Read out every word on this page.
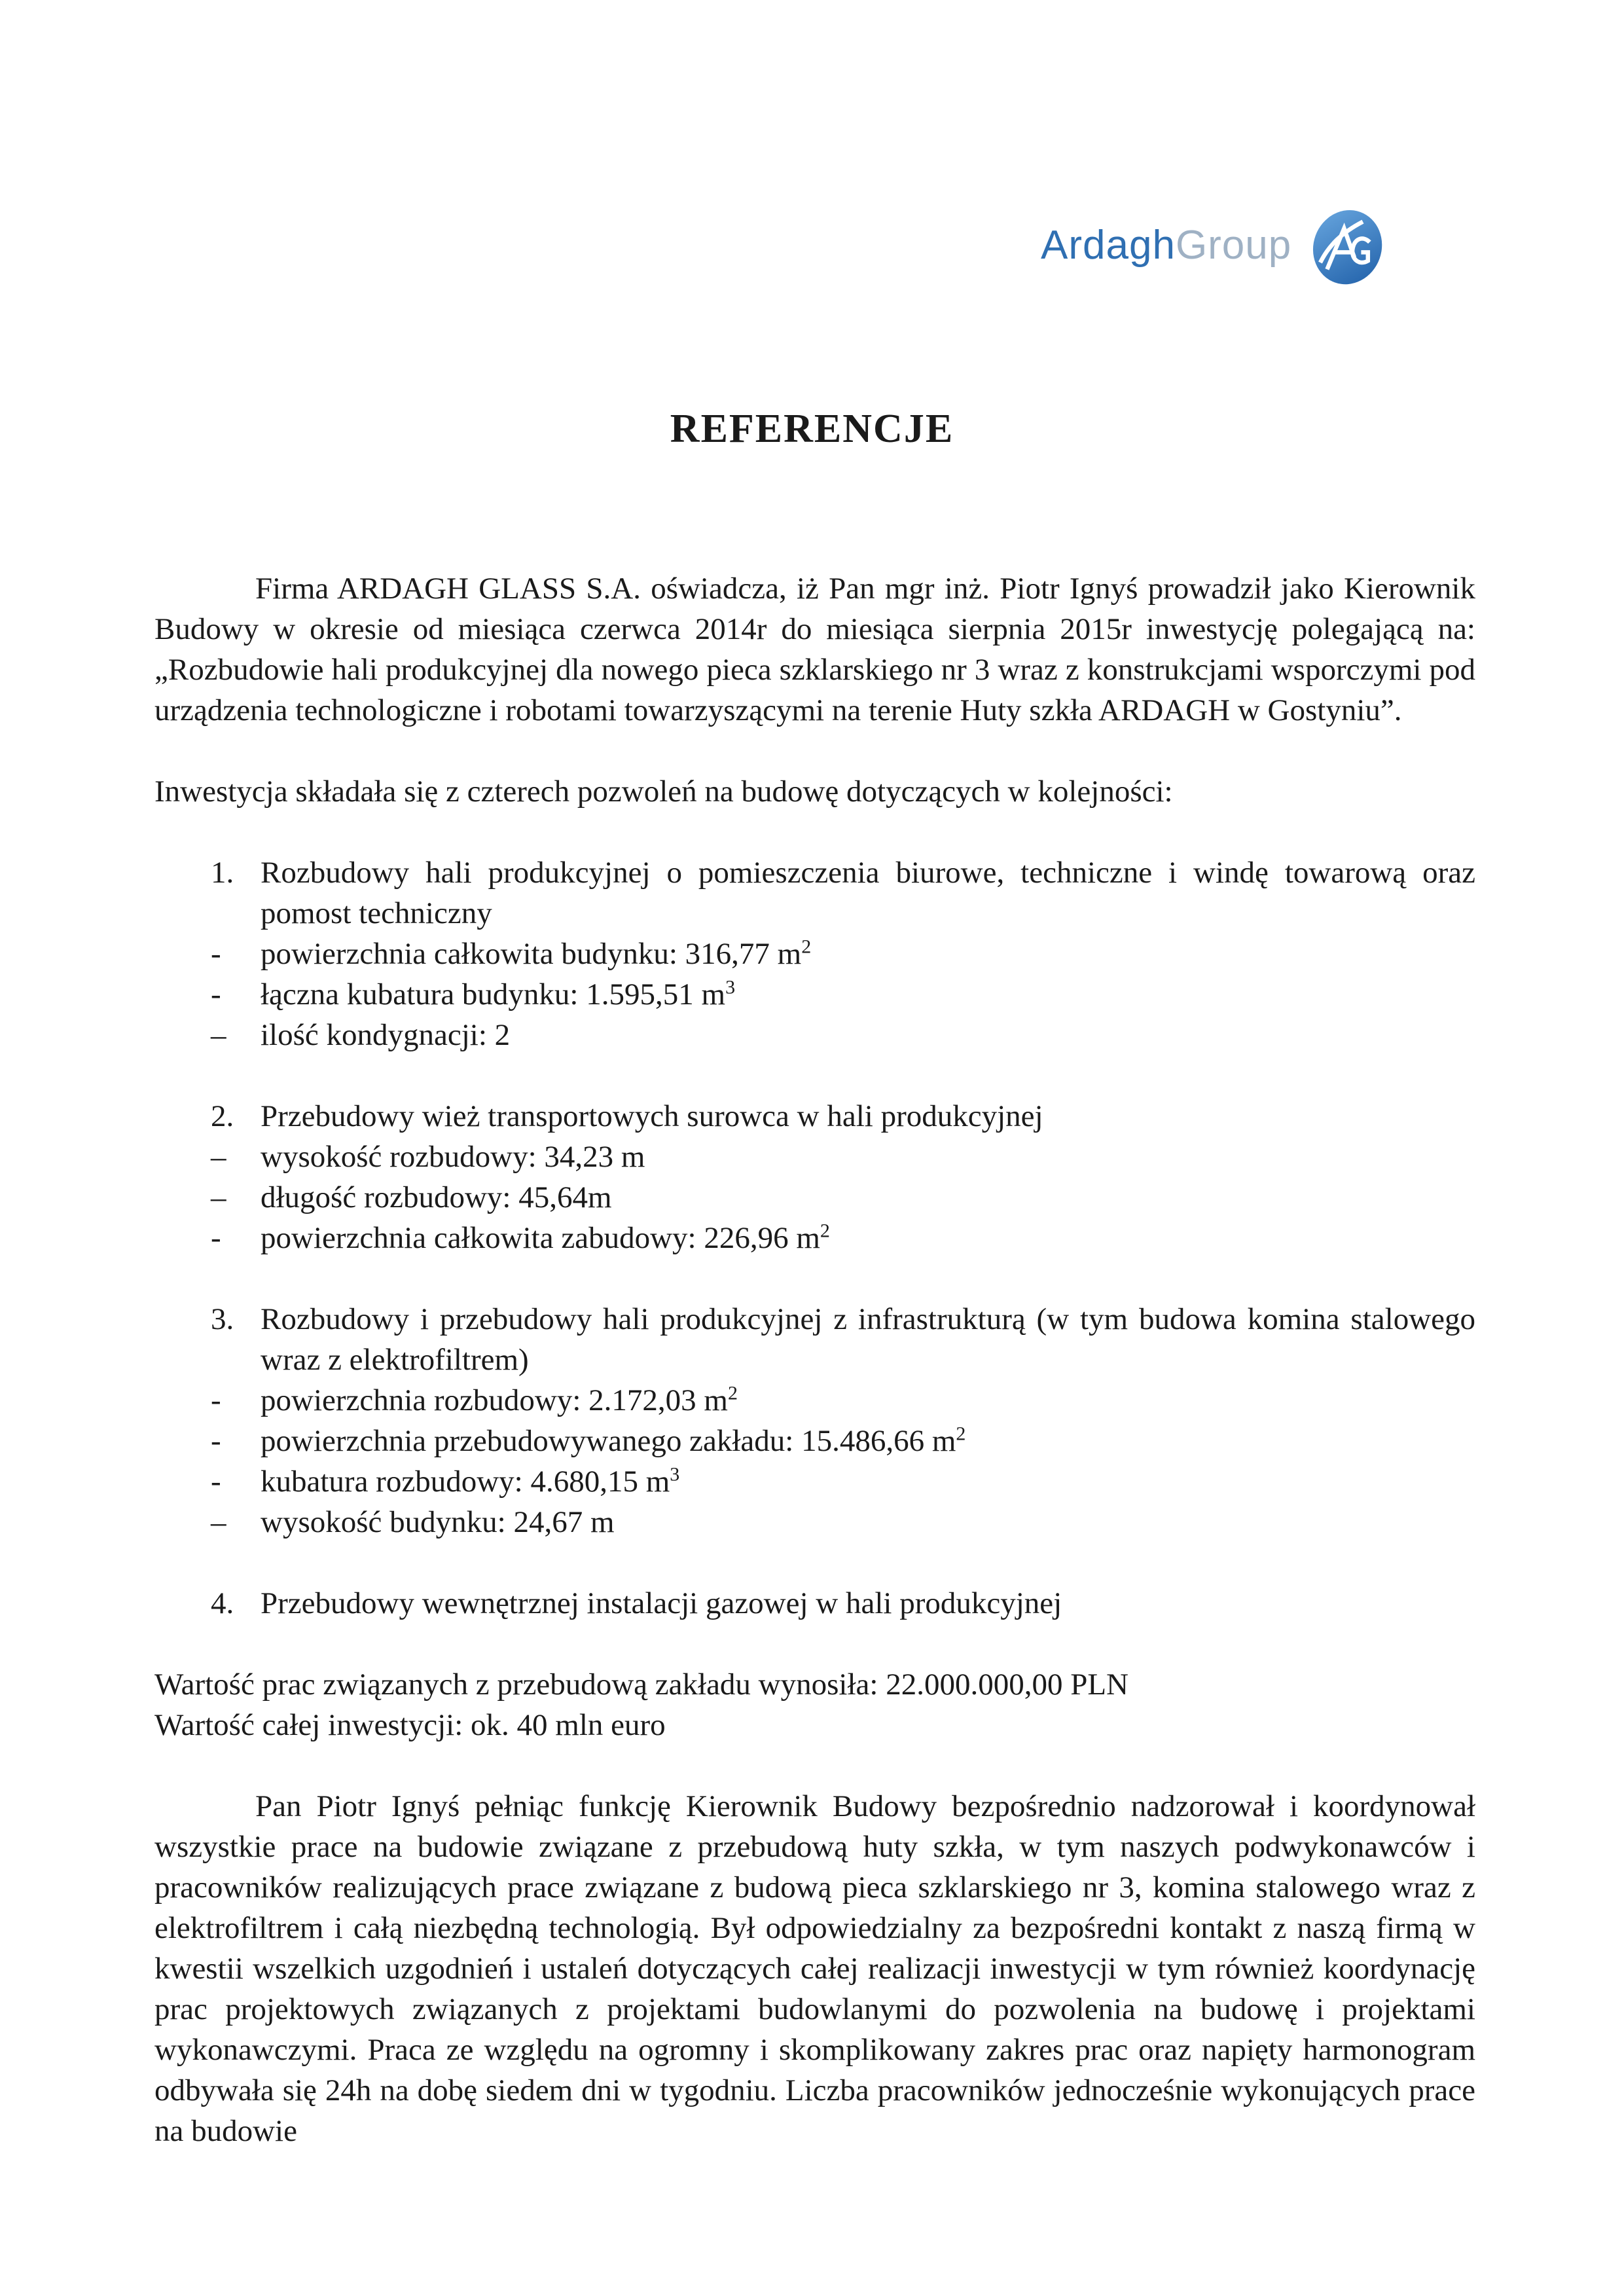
ArdaghGroup
REFERENCJE

Firma ARDAGH GLASS S.A. oświadcza, iż Pan mgr inż. Piotr Ignyś prowadził jako Kierownik Budowy w okresie od miesiąca czerwca 2014r do miesiąca sierpnia 2015r inwestycję polegającą na: „Rozbudowie hali produkcyjnej dla nowego pieca szklarskiego nr 3 wraz z konstrukcjami wsporczymi pod urządzenia technologiczne i robotami towarzyszącymi na terenie Huty szkła ARDAGH w Gostyniu”.

Inwestycja składała się z czterech pozwoleń na budowę dotyczących w kolejności:

1. Rozbudowy hali produkcyjnej o pomieszczenia biurowe, techniczne i windę towarową oraz pomost techniczny
-	powierzchnia całkowita budynku: 316,77 $m^2$
-	łączna kubatura budynku: 1.595,51 $m^3$
–	ilość kondygnacji: 2
2. Przebudowy wież transportowych surowca w hali produkcyjnej
–	wysokość rozbudowy: 34,23 m
–	długość rozbudowy: 45,64m
-	powierzchnia całkowita zabudowy: 226,96 $m^2$
3. Rozbudowy i przebudowy hali produkcyjnej z infrastrukturą (w tym budowa komina stalowego wraz z elektrofiltrem)
-	powierzchnia rozbudowy: 2.172,03 $m^2$
-	powierzchnia przebudowywanego zakładu: 15.486,66 $m^2$
-	kubatura rozbudowy: 4.680,15 $m^3$
–	wysokość budynku: 24,67 m
4. Przebudowy wewnętrznej instalacji gazowej w hali produkcyjnej

Wartość prac związanych z przebudową zakładu wynosiła: 22.000.000,00 PLN

Wartość całej inwestycji: ok. 40 mln euro

Pan Piotr Ignyś pełniąc funkcję Kierownik Budowy bezpośrednio nadzorował i koordynował wszystkie prace na budowie związane z przebudową huty szkła, w tym naszych podwykonawców i pracowników realizujących prace związane z budową pieca szklarskiego nr 3, komina stalowego wraz z elektrofiltrem i całą niezbędną technologią. Był odpowiedzialny za bezpośredni kontakt z naszą firmą w kwestii wszelkich uzgodnień i ustaleń dotyczących całej realizacji inwestycji w tym również koordynację prac projektowych związanych z projektami budowlanymi do pozwolenia na budowę i projektami wykonawczymi. Praca ze względu na ogromny i skomplikowany zakres prac oraz napięty harmonogram odbywała się 24h na dobę siedem dni w tygodniu. Liczba pracowników jednocześnie wykonujących prace na budowie
